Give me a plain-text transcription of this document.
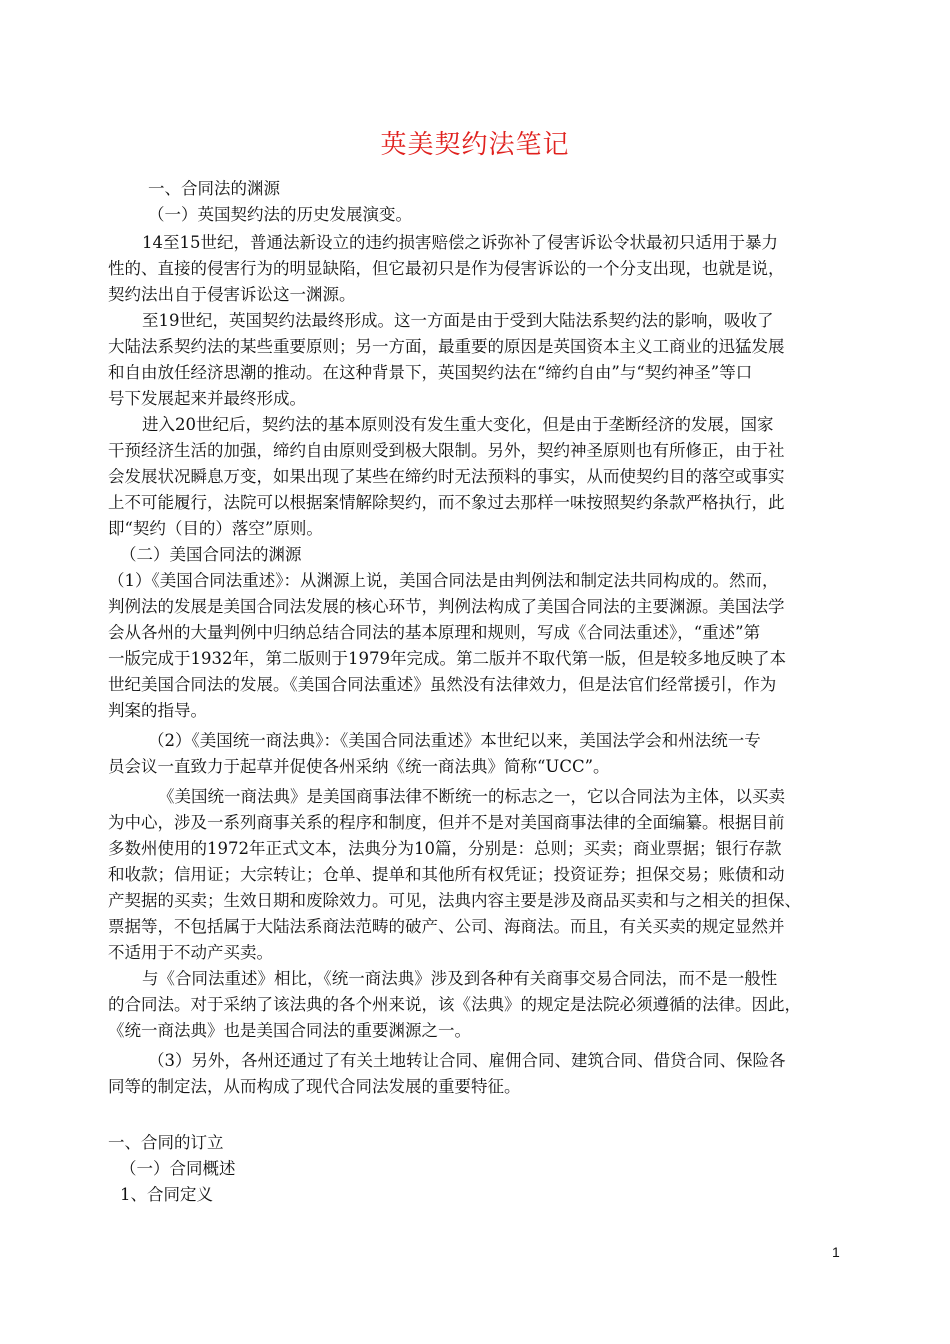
英美契约法笔记
一、合同法的渊源
（一）英国契约法的历史发展演变。
14至15世纪，普通法新设立的违约损害赔偿之诉弥补了侵害诉讼令状最初只适用于暴力
性的、直接的侵害行为的明显缺陷，但它最初只是作为侵害诉讼的一个分支出现，也就是说，
契约法出自于侵害诉讼这一渊源。
至19世纪，英国契约法最终形成。这一方面是由于受到大陆法系契约法的影响，吸收了
大陆法系契约法的某些重要原则；另一方面，最重要的原因是英国资本主义工商业的迅猛发展
和自由放任经济思潮的推动。在这种背景下，英国契约法在“缔约自由”与“契约神圣”等口
号下发展起来并最终形成。
进入20世纪后，契约法的基本原则没有发生重大变化，但是由于垄断经济的发展，国家
干预经济生活的加强，缔约自由原则受到极大限制。另外，契约神圣原则也有所修正，由于社
会发展状况瞬息万变，如果出现了某些在缔约时无法预料的事实，从而使契约目的落空或事实
上不可能履行，法院可以根据案情解除契约，而不象过去那样一味按照契约条款严格执行，此
即“契约（目的）落空”原则。
（二）美国合同法的渊源
（1）《美国合同法重述》：从渊源上说，美国合同法是由判例法和制定法共同构成的。然而，
判例法的发展是美国合同法发展的核心环节，判例法构成了美国合同法的主要渊源。美国法学
会从各州的大量判例中归纳总结合同法的基本原理和规则，写成《合同法重述》，“重述”第
一版完成于1932年，第二版则于1979年完成。第二版并不取代第一版，但是较多地反映了本
世纪美国合同法的发展。《美国合同法重述》虽然没有法律效力，但是法官们经常援引，作为
判案的指导。
（2）《美国统一商法典》：《美国合同法重述》本世纪以来，美国法学会和州法统一专
员会议一直致力于起草并促使各州采纳《统一商法典》简称“UCC”。
《美国统一商法典》是美国商事法律不断统一的标志之一，它以合同法为主体，以买卖
为中心，涉及一系列商事关系的程序和制度，但并不是对美国商事法律的全面编纂。根据目前
多数州使用的1972年正式文本，法典分为10篇，分别是：总则；买卖；商业票据；银行存款
和收款；信用证；大宗转让；仓单、提单和其他所有权凭证；投资证券；担保交易；账债和动
产契据的买卖；生效日期和废除效力。可见，法典内容主要是涉及商品买卖和与之相关的担保、
票据等，不包括属于大陆法系商法范畴的破产、公司、海商法。而且，有关买卖的规定显然并
不适用于不动产买卖。
与《合同法重述》相比，《统一商法典》涉及到各种有关商事交易合同法，而不是一般性
的合同法。对于采纳了该法典的各个州来说，该《法典》的规定是法院必须遵循的法律。因此，
《统一商法典》也是美国合同法的重要渊源之一。
（3）另外，各州还通过了有关土地转让合同、雇佣合同、建筑合同、借贷合同、保险各
同等的制定法，从而构成了现代合同法发展的重要特征。
一、合同的订立
（一）合同概述
1、合同定义
1
